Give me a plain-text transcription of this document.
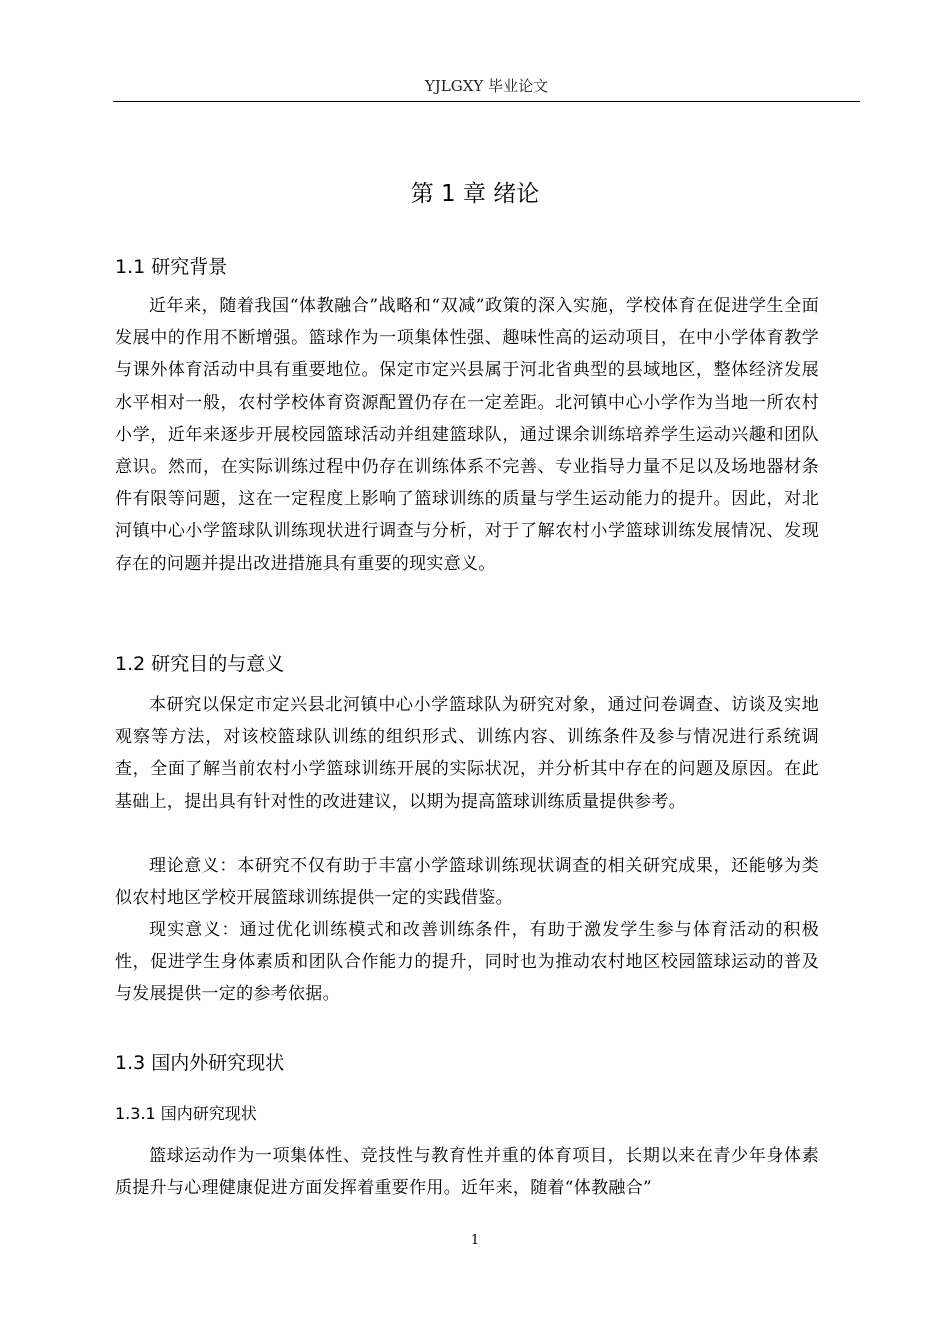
YJLGXY 毕业论文
第 1 章 绪论
1.1 研究背景

近年来，随着我国“体教融合”战略和“双减”政策的深入实施，学校体育在促进学生全面发展中的作用不断增强。篮球作为一项集体性强、趣味性高的运动项目，在中小学体育教学与课外体育活动中具有重要地位。保定市定兴县属于河北省典型的县域地区，整体经济发展水平相对一般，农村学校体育资源配置仍存在一定差距。北河镇中心小学作为当地一所农村小学，近年来逐步开展校园篮球活动并组建篮球队，通过课余训练培养学生运动兴趣和团队意识。然而，在实际训练过程中仍存在训练体系不完善、专业指导力量不足以及场地器材条件有限等问题，这在一定程度上影响了篮球训练的质量与学生运动能力的提升。因此，对北河镇中心小学篮球队训练现状进行调查与分析，对于了解农村小学篮球训练发展情况、发现存在的问题并提出改进措施具有重要的现实意义。

1.2 研究目的与意义

本研究以保定市定兴县北河镇中心小学篮球队为研究对象，通过问卷调查、访谈及实地观察等方法，对该校篮球队训练的组织形式、训练内容、训练条件及参与情况进行系统调查，全面了解当前农村小学篮球训练开展的实际状况，并分析其中存在的问题及原因。在此基础上，提出具有针对性的改进建议，以期为提高篮球训练质量提供参考。

理论意义：本研究不仅有助于丰富小学篮球训练现状调查的相关研究成果，还能够为类似农村地区学校开展篮球训练提供一定的实践借鉴。

现实意义：通过优化训练模式和改善训练条件，有助于激发学生参与体育活动的积极性，促进学生身体素质和团队合作能力的提升，同时也为推动农村地区校园篮球运动的普及与发展提供一定的参考依据。

1.3 国内外研究现状
1.3.1 国内研究现状

篮球运动作为一项集体性、竞技性与教育性并重的体育项目，长期以来在青少年身体素质提升与心理健康促进方面发挥着重要作用。近年来，随着“体教融合”

1
